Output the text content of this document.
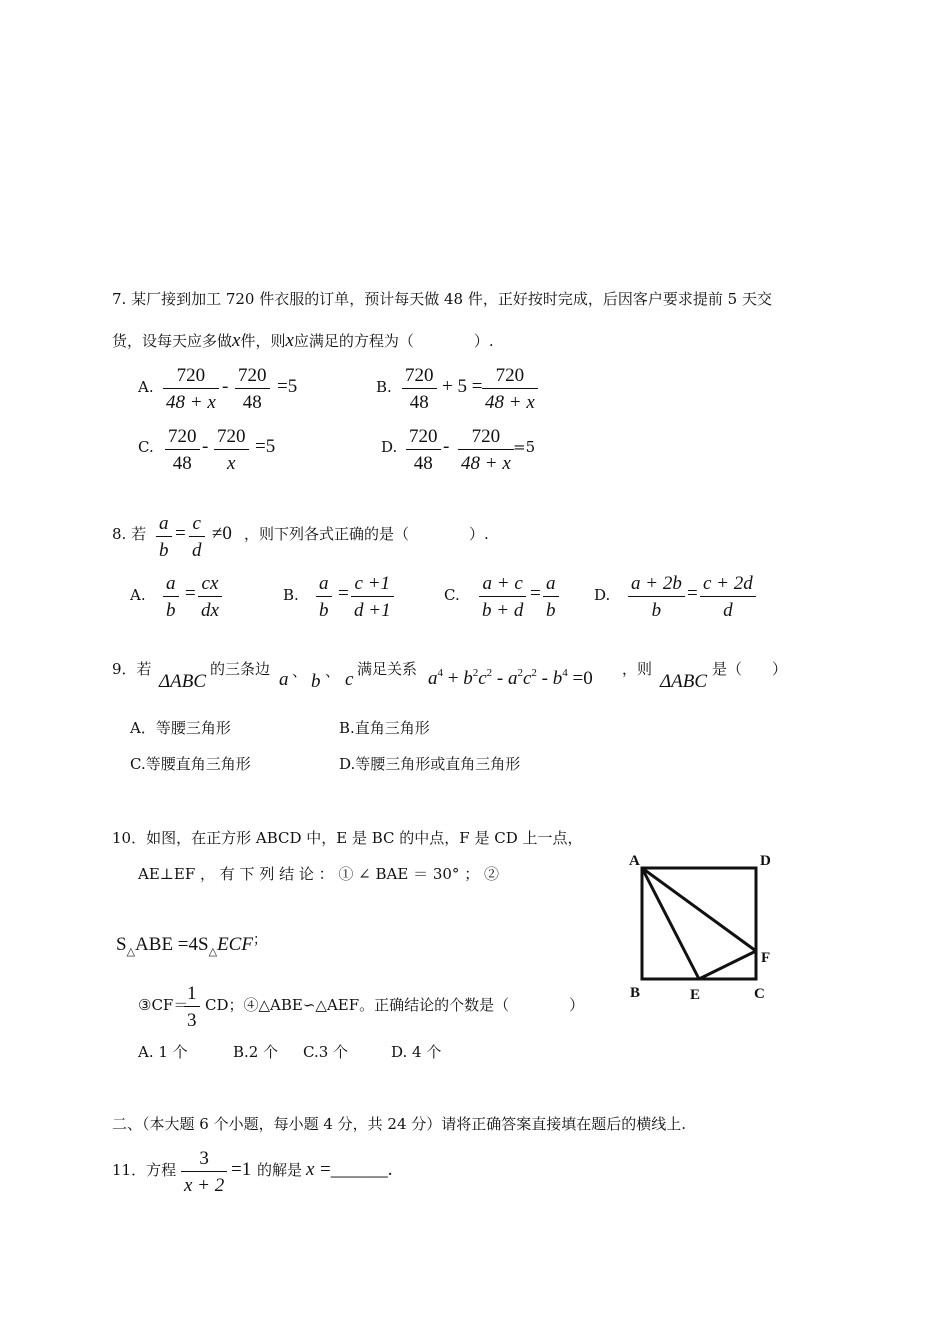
7. 某厂接到加工 720 件衣服的订单，预计每天做 48 件，正好按时完成，后因客户要求提前 5 天交
货，设每天应多做x件，则x应满足的方程为（　　　　）.
A.
720
48 + x
-
720
48
=5	B.
720
48
+ 5 =
720
48 + x
C. 720
48
- 720
x
=5	D. 720
48
- 720
48 + x
=5
8. 若 a
b
= c
d
≠0 ，则下列各式正确的是（　　　　）.
A.
a
b
= cx
dx
B.
a
b
= c +1
d +1
C.
a + c
b + d
= a
b
D.
a + 2b
b
= c + 2d
d
9．若
ΔABC
的三条边 a 、 b 、 c 满足关系 $a^4 + b^2c^2 - a^2c^2 - b^4 =0$ ，则
ΔABC
是（　　）
A．等腰三角形	B.直角三角形
C.等腰直角三角形	D.等腰三角形或直角三角形
10．如图，在正方形 ABCD 中，E 是 BC 的中点，F 是 CD 上一点，
AE⊥EF ， 有 下 列 结 论 ： ① ∠ BAE ＝ 30° ； ②
$S_\triangle ABE =4S_\triangle ECF^;$
③CF＝
1
3
CD；④△ABE∽△AEF。正确结论的个数是（　　　　）
A. 1 个	B.2 个 C.3 个	D. 4 个
A	D
B	E	C
F
二、（本大题 6 个小题，每小题 4 分，共 24 分）请将正确答案直接填在题后的横线上.
11．方程
3
x + 2
=1 的解是 x =______.
